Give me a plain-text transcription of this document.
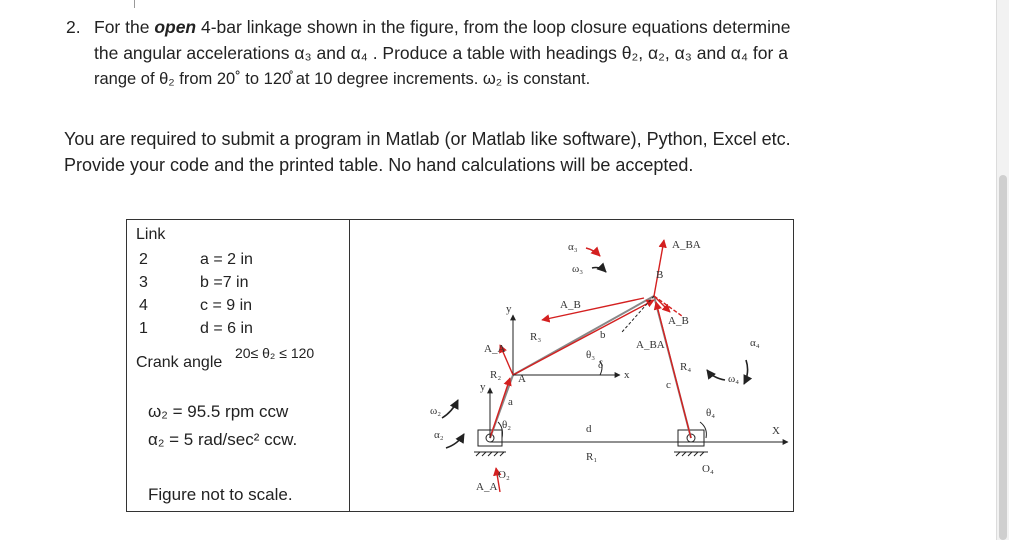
2. For the open 4-bar linkage shown in the figure, from the loop closure equations determine
the angular accelerations α₃ and α₄ . Produce a table with headings θ₂, α₂, α₃ and α₄ for a
range of θ₂ from 20˚ to 120̊ at 10 degree increments. ω₂ is constant.
You are required to submit a program in Matlab (or Matlab like software), Python, Excel etc.
Provide your code and the printed table. No hand calculations will be accepted.
Link
2	a = 2 in
3	b =7 in
4	c = 9 in
1	d = 6 in
Crank angle
20≤ θ₂ ≤ 120
ω₂ = 95.5 rpm ccw
α₂ = 5 rad/sec² ccw.
Figure not to scale.
α₃
ω₃
A_BA
B
A_B
A_B
A_BA
R₃
θ₃
x
y
y
A
R₂
a
b
c
d
R₄
R₁
θ₂
θ₄
O₂	O₄
ω₂
α₂
ω₄
α₄
A_A
A_A
X
δ
